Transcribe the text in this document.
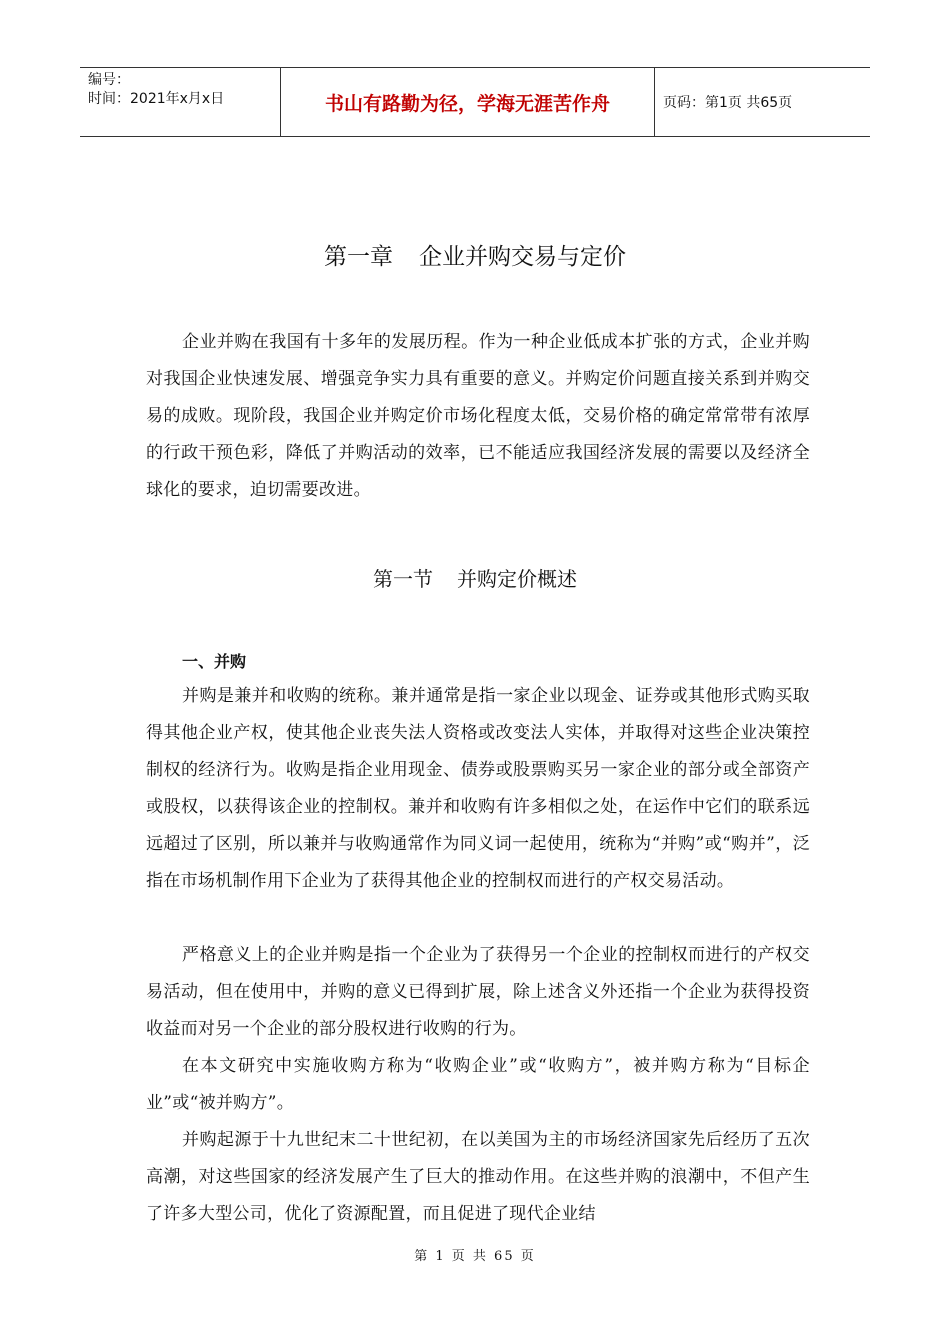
编号：
时间：2021年x月x日	书山有路勤为径，学海无涯苦作舟	页码：第1页 共65页
第一章 企业并购交易与定价

企业并购在我国有十多年的发展历程。作为一种企业低成本扩张的方式，企业并购对我国企业快速发展、增强竞争实力具有重要的意义。并购定价问题直接关系到并购交易的成败。现阶段，我国企业并购定价市场化程度太低，交易价格的确定常常带有浓厚的行政干预色彩，降低了并购活动的效率，已不能适应我国经济发展的需要以及经济全球化的要求，迫切需要改进。

第一节 并购定价概述

一、并购

并购是兼并和收购的统称。兼并通常是指一家企业以现金、证券或其他形式购买取得其他企业产权，使其他企业丧失法人资格或改变法人实体，并取得对这些企业决策控制权的经济行为。收购是指企业用现金、债券或股票购买另一家企业的部分或全部资产或股权，以获得该企业的控制权。兼并和收购有许多相似之处，在运作中它们的联系远远超过了区别，所以兼并与收购通常作为同义词一起使用，统称为“并购”或“购并”，泛指在市场机制作用下企业为了获得其他企业的控制权而进行的产权交易活动。

严格意义上的企业并购是指一个企业为了获得另一个企业的控制权而进行的产权交易活动，但在使用中，并购的意义已得到扩展，除上述含义外还指一个企业为获得投资收益而对另一个企业的部分股权进行收购的行为。

在本文研究中实施收购方称为“收购企业”或“收购方”，被并购方称为“目标企业”或“被并购方”。

并购起源于十九世纪末二十世纪初，在以美国为主的市场经济国家先后经历了五次高潮，对这些国家的经济发展产生了巨大的推动作用。在这些并购的浪潮中，不但产生了许多大型公司，优化了资源配置，而且促进了现代企业结

第 1 页 共 65 页
